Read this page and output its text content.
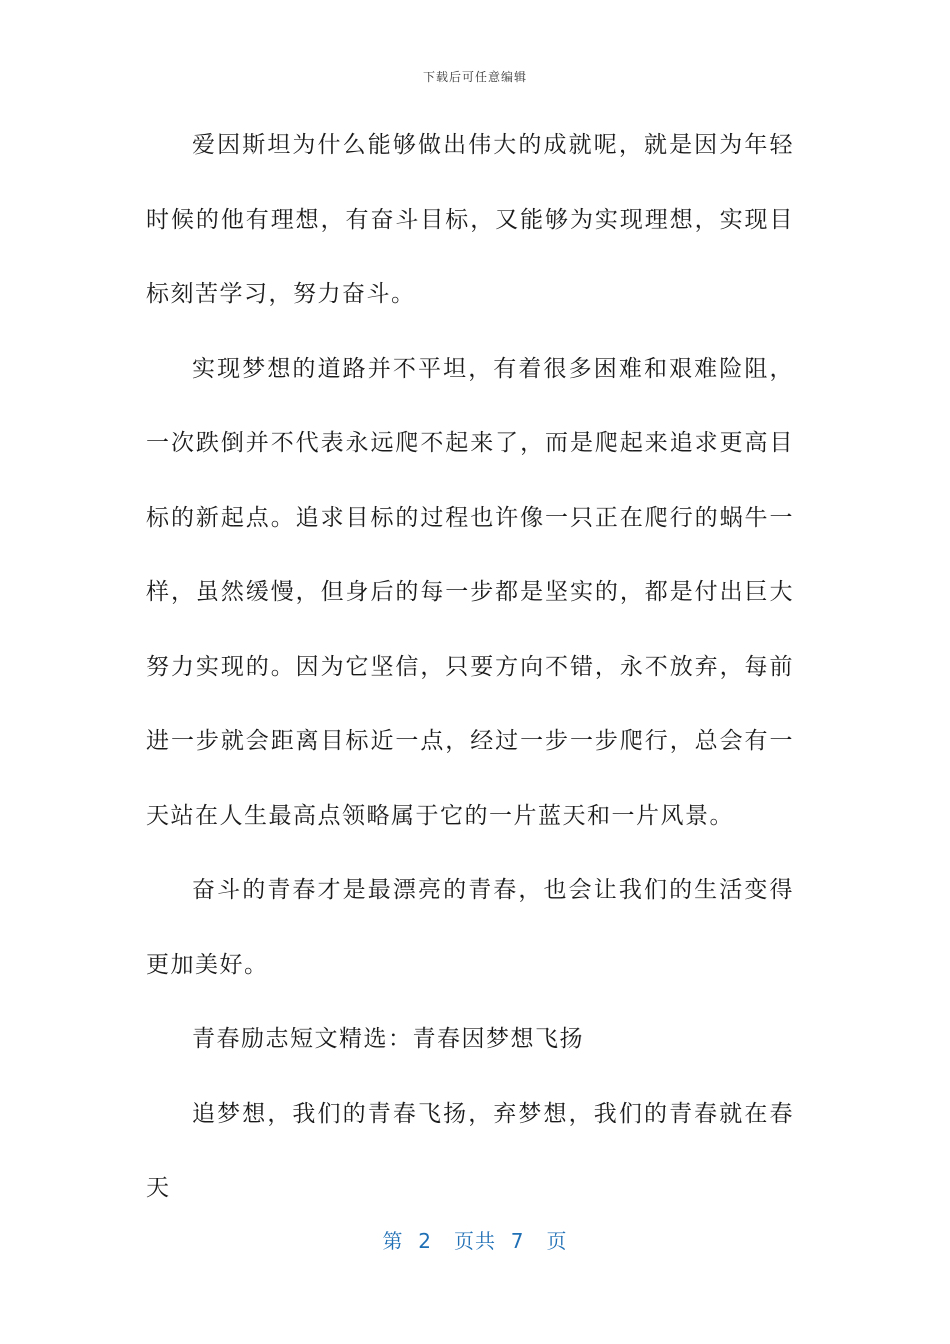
下载后可任意编辑

爱因斯坦为什么能够做出伟大的成就呢，就是因为年轻时候的他有理想，有奋斗目标，又能够为实现理想，实现目标刻苦学习，努力奋斗。

实现梦想的道路并不平坦，有着很多困难和艰难险阻，一次跌倒并不代表永远爬不起来了，而是爬起来追求更高目标的新起点。追求目标的过程也许像一只正在爬行的蜗牛一样，虽然缓慢，但身后的每一步都是坚实的，都是付出巨大努力实现的。因为它坚信，只要方向不错，永不放弃，每前进一步就会距离目标近一点，经过一步一步爬行，总会有一天站在人生最高点领略属于它的一片蓝天和一片风景。

奋斗的青春才是最漂亮的青春，也会让我们的生活变得更加美好。

青春励志短文精选：青春因梦想飞扬

追梦想，我们的青春飞扬，弃梦想，我们的青春就在春天

第  2   页共  7   页
